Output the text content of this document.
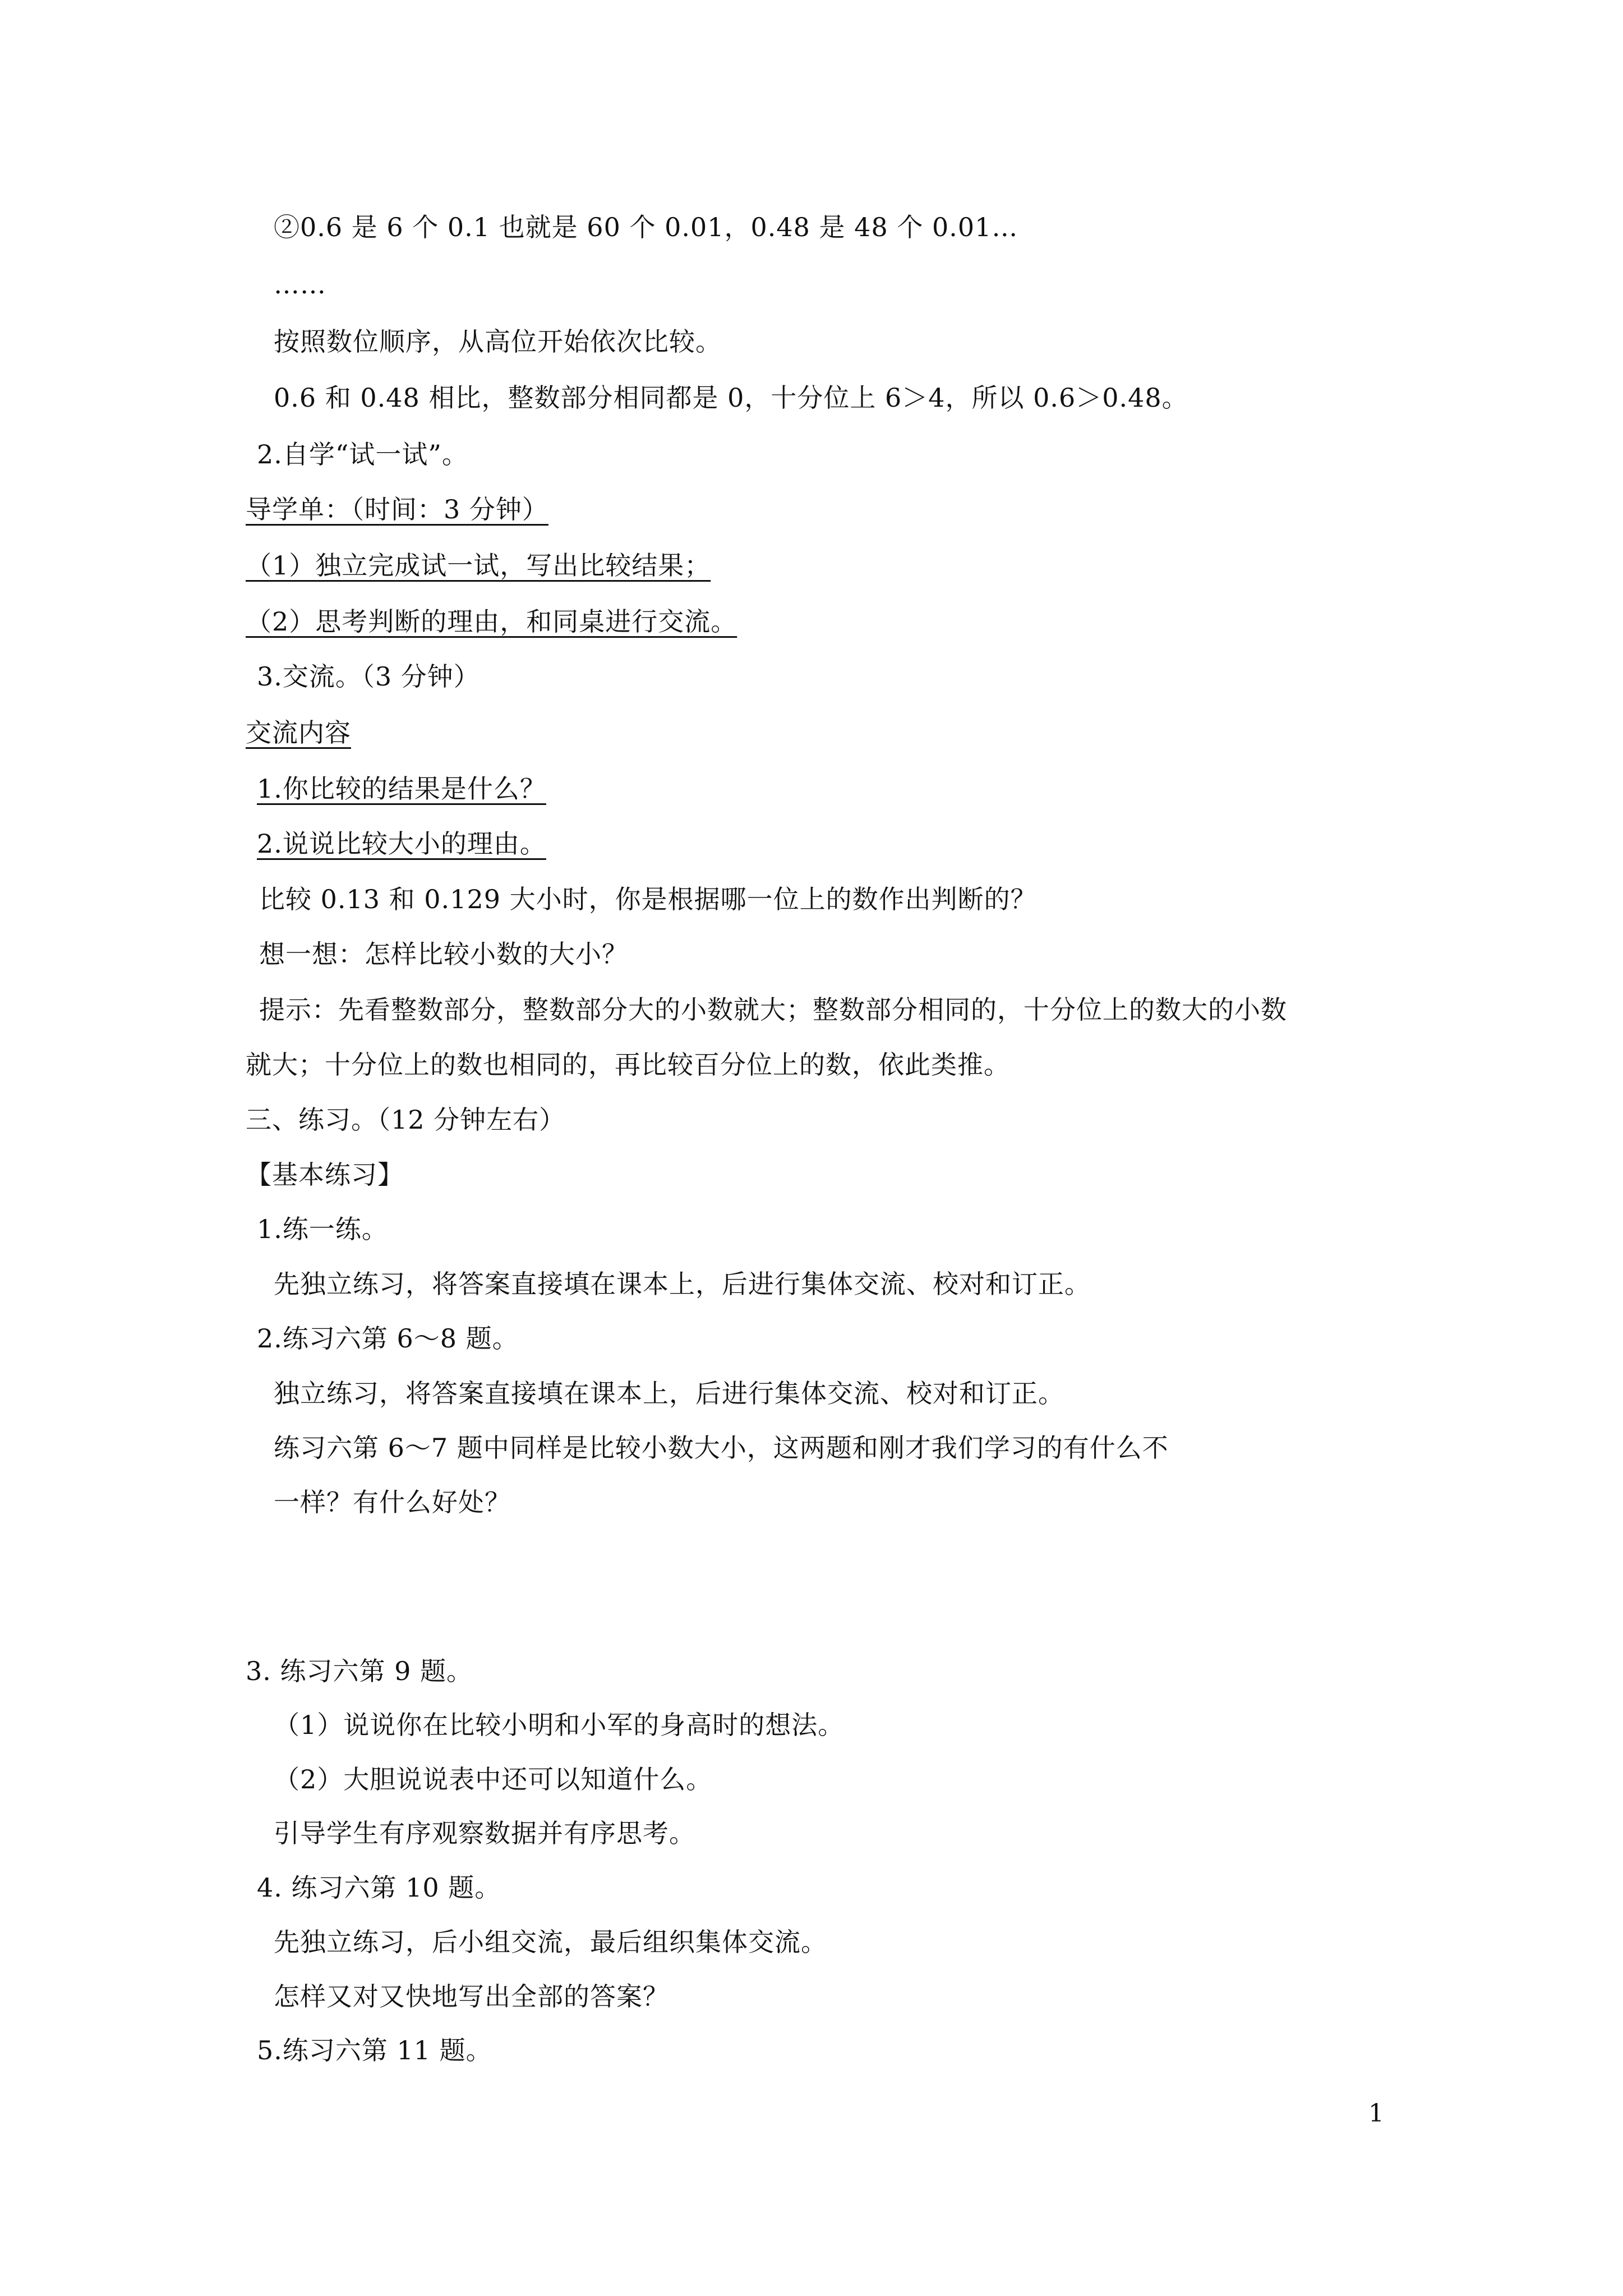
②0.6 是 6 个 0.1 也就是 60 个 0.01，0.48 是 48 个 0.01…
……
按照数位顺序，从高位开始依次比较。
0.6 和 0.48 相比，整数部分相同都是 0，十分位上 6＞4，所以 0.6＞0.48。
2.自学“试一试”。
导学单：（时间：3 分钟）
（1）独立完成试一试，写出比较结果；
（2）思考判断的理由，和同桌进行交流。
3.交流。（3 分钟）
交流内容
1.你比较的结果是什么？
2.说说比较大小的理由。
比较 0.13 和 0.129 大小时，你是根据哪一位上的数作出判断的？
想一想：怎样比较小数的大小？
提示：先看整数部分，整数部分大的小数就大；整数部分相同的，十分位上的数大的小数
就大；十分位上的数也相同的，再比较百分位上的数，依此类推。
三、练习。（12 分钟左右）
【基本练习】
1.练一练。
先独立练习，将答案直接填在课本上，后进行集体交流、校对和订正。
2.练习六第 6～8 题。
独立练习，将答案直接填在课本上，后进行集体交流、校对和订正。
练习六第 6～7 题中同样是比较小数大小，这两题和刚才我们学习的有什么不
一样？有什么好处？
3. 练习六第 9 题。
（1）说说你在比较小明和小军的身高时的想法。
（2）大胆说说表中还可以知道什么。
引导学生有序观察数据并有序思考。
4. 练习六第 10 题。
先独立练习，后小组交流，最后组织集体交流。
怎样又对又快地写出全部的答案？
5.练习六第 11 题。
1
